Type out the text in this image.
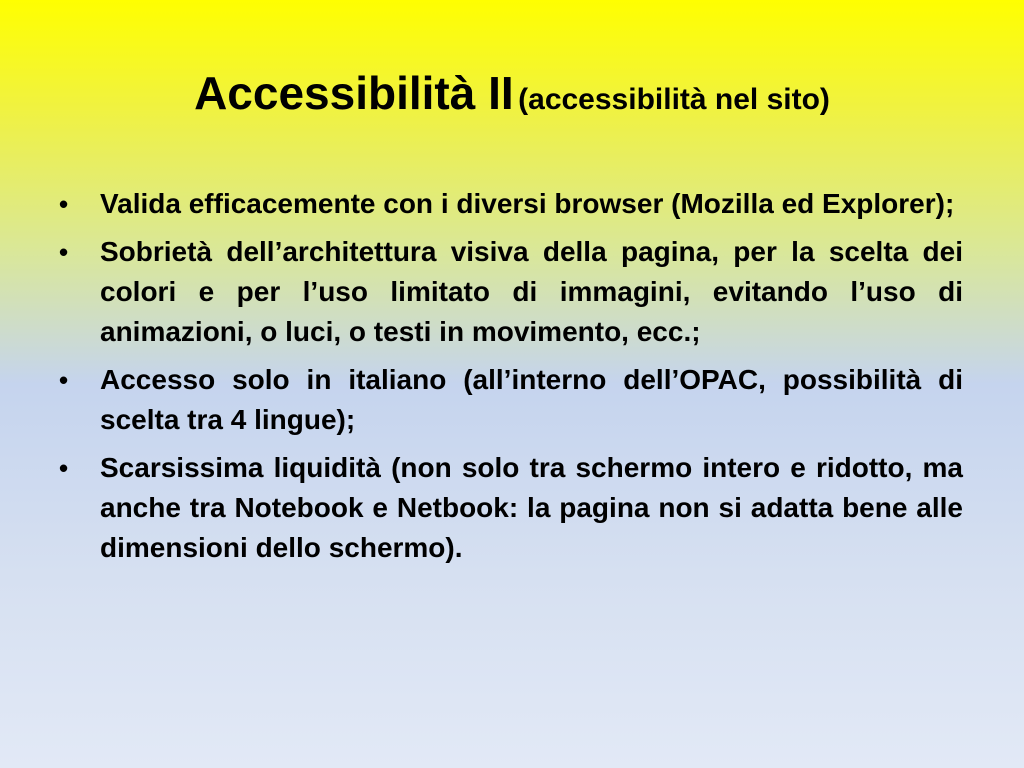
Accessibilità II (accessibilità nel sito)
• Valida efficacemente con i diversi browser (Mozilla ed Explorer);
• Sobrietà dell’architettura visiva della pagina, per la scelta dei colori e per l’uso limitato di immagini, evitando l’uso di animazioni, o luci, o testi in movimento, ecc.;
• Accesso solo in italiano (all’interno dell’OPAC, possibilità di scelta tra 4 lingue);
• Scarsissima liquidità (non solo tra schermo intero e ridotto, ma anche tra Notebook e Netbook: la pagina non si adatta bene alle dimensioni dello schermo).
